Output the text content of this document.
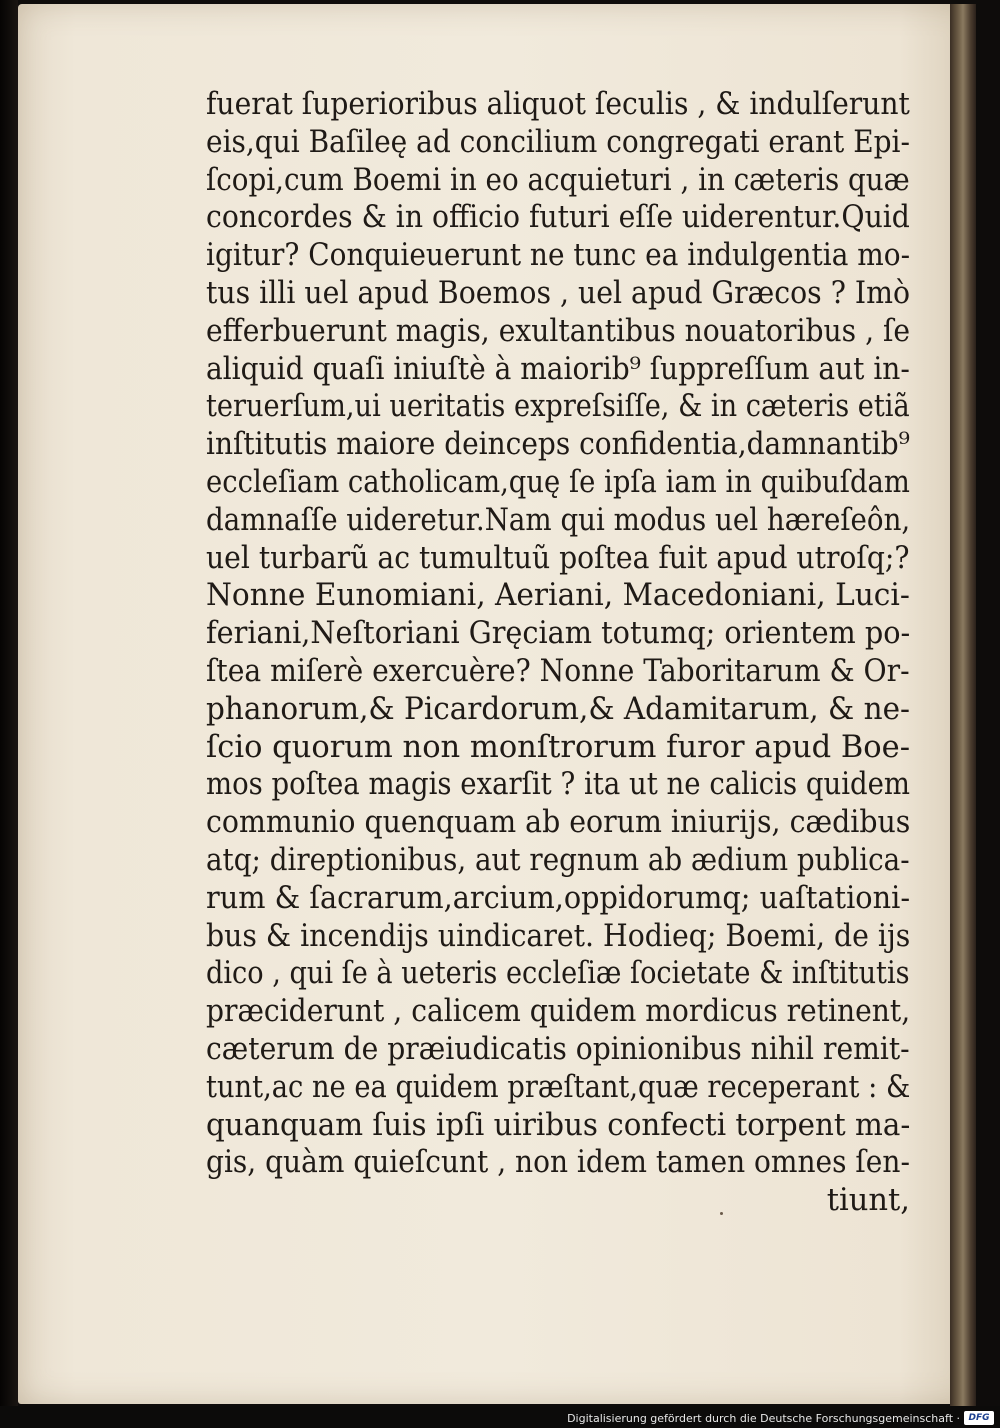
fuerat ſuperioribus aliquot ſeculis , & indulſerunt
eis,qui Baſileę ad concilium congregati erant Epi-
ſcopi,cum Boemi in eo acquieturi , in cæteris quæ
concordes & in officio futuri eſſe uiderentur.Quid
igitur? Conquieuerunt ne tunc ea indulgentia mo-
tus illi uel apud Boemos , uel apud Græcos ? Imò
efferbuerunt magis, exultantibus nouatoribus , ſe
aliquid quaſi iniuſtè à maiorib⁹ ſuppreſſum aut in-
teruerſum,ui ueritatis expreſsiſſe, & in cæteris etiã
inſtitutis maiore deinceps confidentia,damnantib⁹
eccleſiam catholicam,quę ſe ipſa iam in quibuſdam
damnaſſe uideretur.Nam qui modus uel hæreſeôn,
uel turbarũ ac tumultuũ poſtea fuit apud utroſq;?
Nonne Eunomiani, Aeriani, Macedoniani, Luci-
feriani,Neſtoriani Gręciam totumq; orientem po-
ſtea miſerè exercuère? Nonne Taboritarum & Or-
phanorum,& Picardorum,& Adamitarum, & ne-
ſcio quorum non monſtrorum furor apud Boe-
mos poſtea magis exarſit ? ita ut ne calicis quidem
communio quenquam ab eorum iniurijs, cædibus
atq; direptionibus, aut regnum ab ædium publica-
rum & ſacrarum,arcium,oppidorumq; uaſtationi-
bus & incendijs uindicaret. Hodieq; Boemi, de ijs
dico , qui ſe à ueteris eccleſiæ ſocietate & inſtitutis
præciderunt , calicem quidem mordicus retinent,
cæterum de præiudicatis opinionibus nihil remit-
tunt,ac ne ea quidem præſtant,quæ receperant : &
quanquam ſuis ipſi uiribus confecti torpent ma-
gis, quàm quieſcunt , non idem tamen omnes ſen-
tiunt,
Digitalisierung gefördert durch die Deutsche Forschungsgemeinschaft · DFG
